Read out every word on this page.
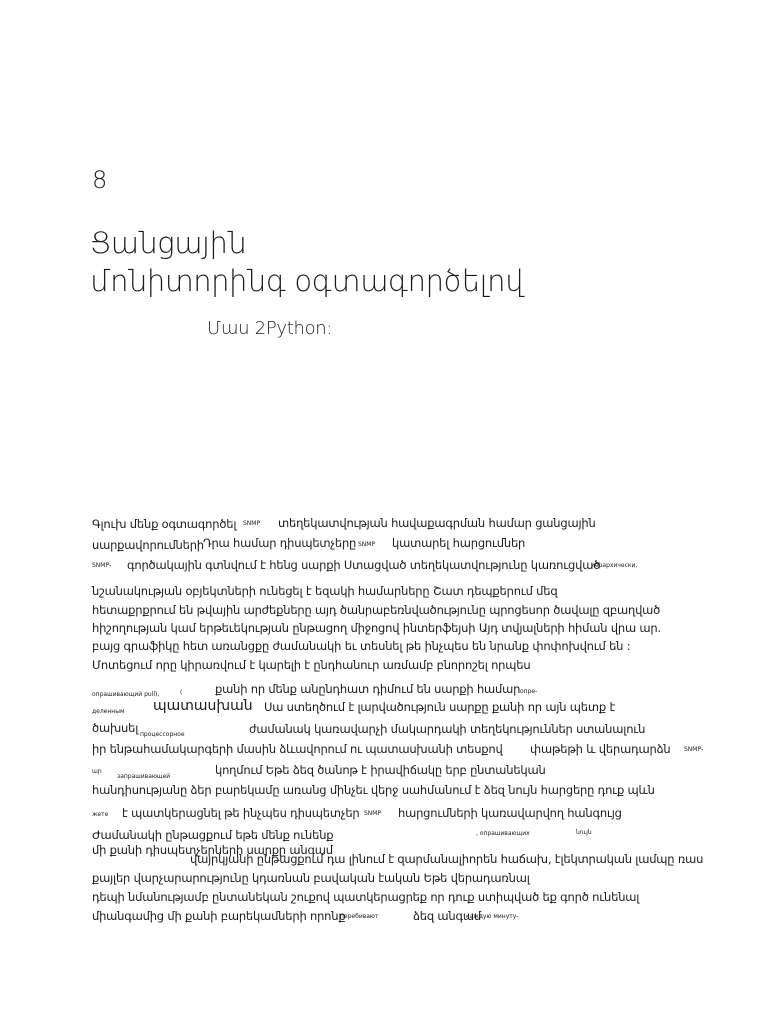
8
Ցանցային
մոնիտորինգ օգտագործելով
Մաս 2Python:
Գլուխ մենք օգտագործել SNMP տեղեկատվության հավաքագրման համար ցանցային
սարքավորումների Դրա համար դիսպետչերը SNMP կատարել հարցումներ
SNMP- գործակային գտնվում է հենց սարքի Ստացված տեղեկատվությունը կառուցված
иерархически,
նշանակության օբյեկտների ունեցել է եզակի համարները Շատ դեպքերում մեզ
հետաքրքրում են թվային արժեքները այդ ծանրաբեռնվածությունը պրոցեսոր ծավալը զբաղված
հիշողության կամ երթեւեկության ընթացող միջոցով ինտերֆեյսի Այդ տվյալների հիման վրա ար.
բայց գրաֆիկը հետ առանցքը ժամանակի եւ տեսնել թե ինչպես են նրանք փոփոխվում են :
Մոտեցում որը կիրառվում է կարելի է ընդհանուր առմամբ բնորոշել որպես
опрашивающий pull),	(	քանի որ մենք անընդհատ դիմում են սարքի համար опре-
պատասխան Սա ստեղծում է լարվածություն սարքը քանի որ այն պետք է
деленным
ծախսել процессорное	ժամանակ կառավարչի մակարդակի տեղեկություններ ստանալուն
իր ենթահամակարգերի մասին ձևավորում ու պատասխանի տեսքով փաթեթի և վերադարձն SNMP-
ար
запрашивающей	կողմում Եթե ձեզ ծանոթ է իրավիճակը երբ ընտանեկան
հանդիսությանը ձեր բարեկամը առանց մինչեւ վերջ սահմանում է ձեզ նույն հարցերը դուք պևն
жете է պատկերացնել թե ինչպես դիսպետչեր SNMP հարցումների կառավարվող հանգույց
Ժամանակի ընթացքում եթե մենք ունենք	, опрашивающих	նույն
մի քանի դիսպետչերների սարքը անգամ
վայրկյանի ընթացքում դա լինում է զարմանալիորեն հաճախ, էլեկտրական լամպը ռաս
քայլեր վարչարարությունը կդառնան բավական էական Եթե վերադառնալ
դեպի նմանությամբ ընտանեկան շուքով պատկերացրեք որ դուք ստիպված եք գործ ունենալ
միանգամից մի քանի բարեկամների որոնք
перебивают	ձեզ անգամ
каждую минуту-
